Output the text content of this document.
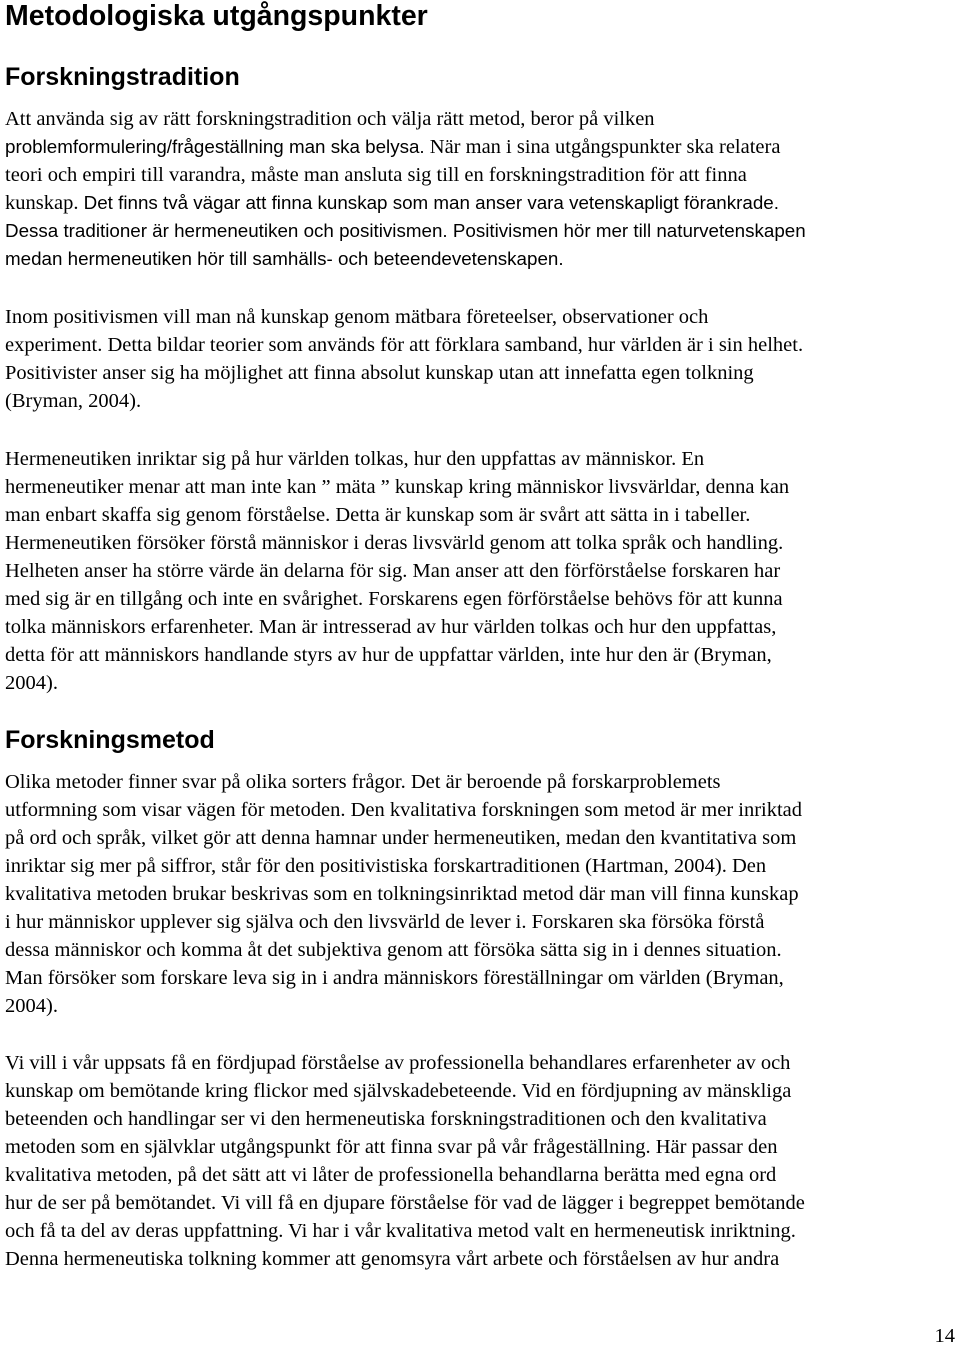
Metodologiska utgångspunkter
Forskningstradition
Att använda sig av rätt forskningstradition och välja rätt metod, beror på vilken
problemformulering/frågeställning man ska belysa. När man i sina utgångspunkter ska relatera
teori och empiri till varandra, måste man ansluta sig till en forskningstradition för att finna
kunskap. Det finns två vägar att finna kunskap som man anser vara vetenskapligt förankrade.
Dessa traditioner är hermeneutiken och positivismen. Positivismen hör mer till naturvetenskapen
medan hermeneutiken hör till samhälls- och beteendevetenskapen.
Inom positivismen vill man nå kunskap genom mätbara företeelser, observationer och
experiment. Detta bildar teorier som används för att förklara samband, hur världen är i sin helhet.
Positivister anser sig ha möjlighet att finna absolut kunskap utan att innefatta egen tolkning
(Bryman, 2004).
Hermeneutiken inriktar sig på hur världen tolkas, hur den uppfattas av människor. En
hermeneutiker menar att man inte kan ” mäta ” kunskap kring människor livsvärldar, denna kan
man enbart skaffa sig genom förståelse. Detta är kunskap som är svårt att sätta in i tabeller.
Hermeneutiken försöker förstå människor i deras livsvärld genom att tolka språk och handling.
Helheten anser ha större värde än delarna för sig. Man anser att den förförståelse forskaren har
med sig är en tillgång och inte en svårighet. Forskarens egen förförståelse behövs för att kunna
tolka människors erfarenheter. Man är intresserad av hur världen tolkas och hur den uppfattas,
detta för att människors handlande styrs av hur de uppfattar världen, inte hur den är (Bryman,
2004).
Forskningsmetod
Olika metoder finner svar på olika sorters frågor. Det är beroende på forskarproblemets
utformning som visar vägen för metoden. Den kvalitativa forskningen som metod är mer inriktad
på ord och språk, vilket gör att denna hamnar under hermeneutiken, medan den kvantitativa som
inriktar sig mer på siffror, står för den positivistiska forskartraditionen (Hartman, 2004). Den
kvalitativa metoden brukar beskrivas som en tolkningsinriktad metod där man vill finna kunskap
i hur människor upplever sig själva och den livsvärld de lever i. Forskaren ska försöka förstå
dessa människor och komma åt det subjektiva genom att försöka sätta sig in i dennes situation.
Man försöker som forskare leva sig in i andra människors föreställningar om världen (Bryman,
2004).
Vi vill i vår uppsats få en fördjupad förståelse av professionella behandlares erfarenheter av och
kunskap om bemötande kring flickor med självskadebeteende. Vid en fördjupning av mänskliga
beteenden och handlingar ser vi den hermeneutiska forskningstraditionen och den kvalitativa
metoden som en självklar utgångspunkt för att finna svar på vår frågeställning. Här passar den
kvalitativa metoden, på det sätt att vi låter de professionella behandlarna berätta med egna ord
hur de ser på bemötandet. Vi vill få en djupare förståelse för vad de lägger i begreppet bemötande
och få ta del av deras uppfattning. Vi har i vår kvalitativa metod valt en hermeneutisk inriktning.
Denna hermeneutiska tolkning kommer att genomsyra vårt arbete och förståelsen av hur andra
14
